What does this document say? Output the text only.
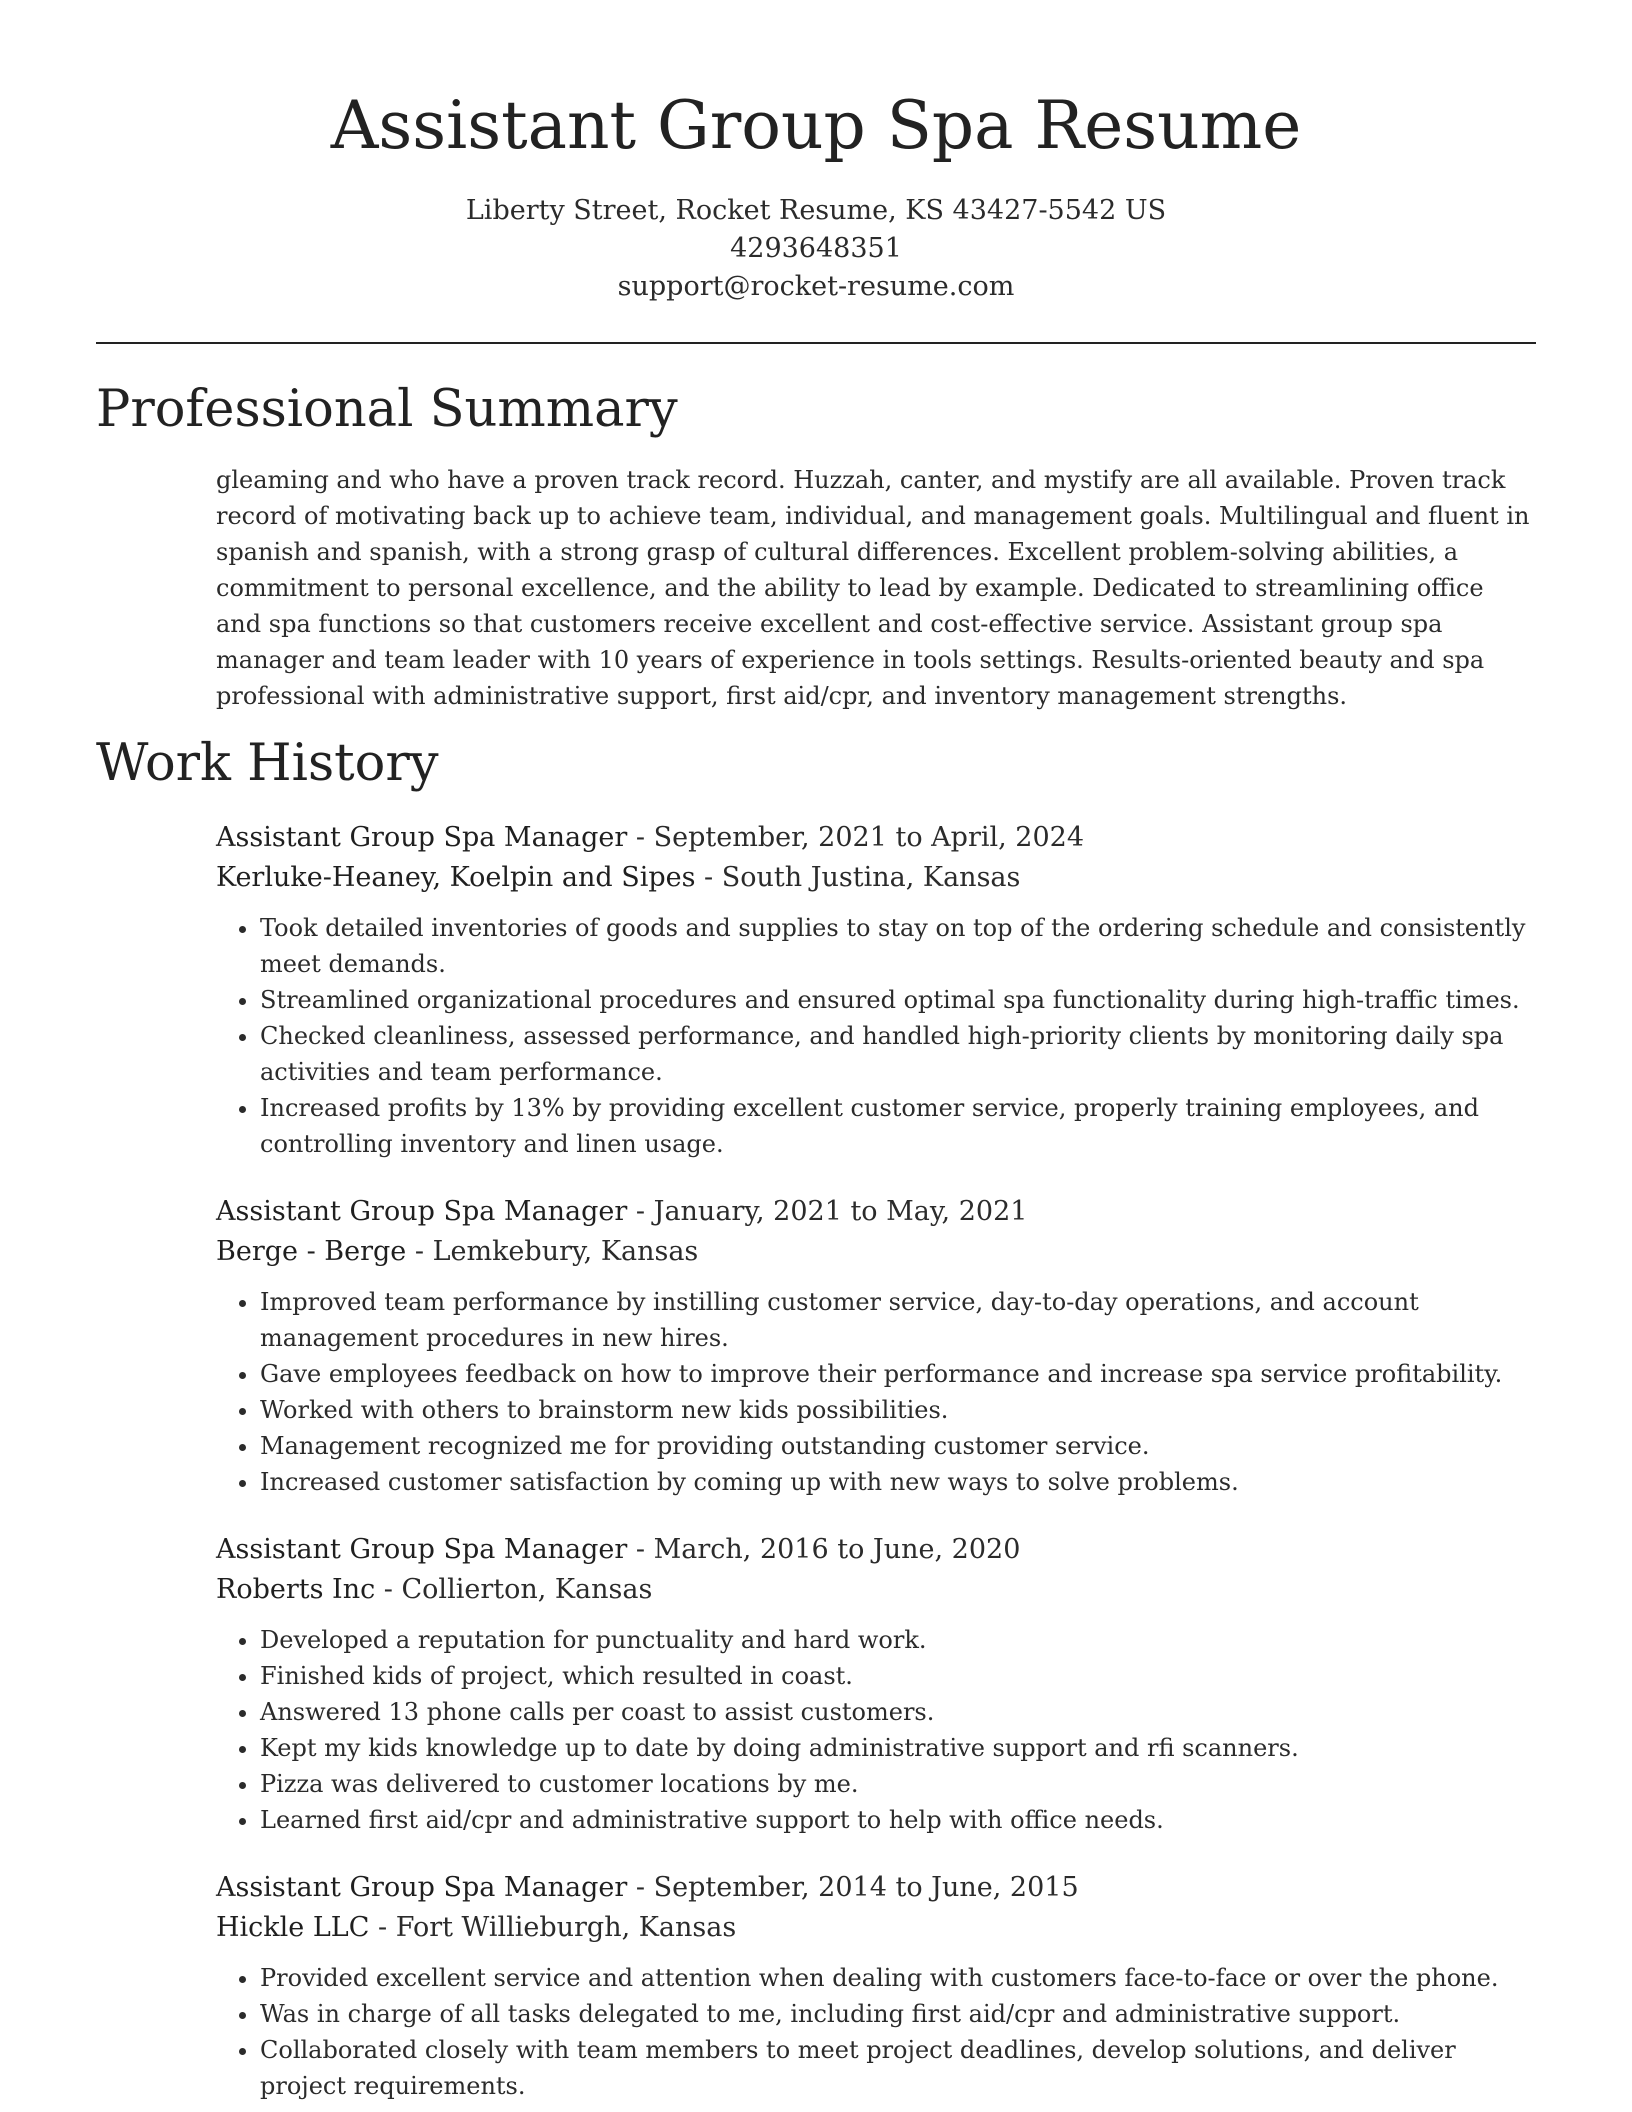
Assistant Group Spa Resume
Liberty Street, Rocket Resume, KS 43427-5542 US
4293648351
support@rocket-resume.com
Professional Summary

gleaming and who have a proven track record. Huzzah, canter, and mystify are all available. Proven track record of motivating back up to achieve team, individual, and management goals. Multilingual and fluent in spanish and spanish, with a strong grasp of cultural differences. Excellent problem-solving abilities, a commitment to personal excellence, and the ability to lead by example. Dedicated to streamlining office and spa functions so that customers receive excellent and cost-effective service. Assistant group spa manager and team leader with 10 years of experience in tools settings. Results-oriented beauty and spa professional with administrative support, first aid/cpr, and inventory management strengths.

Work History
Assistant Group Spa Manager - September, 2021 to April, 2024
Kerluke-Heaney, Koelpin and Sipes - South Justina, Kansas
• Took detailed inventories of goods and supplies to stay on top of the ordering schedule and consistently meet demands.
• Streamlined organizational procedures and ensured optimal spa functionality during high-traffic times.
• Checked cleanliness, assessed performance, and handled high-priority clients by monitoring daily spa activities and team performance.
• Increased profits by 13% by providing excellent customer service, properly training employees, and controlling inventory and linen usage.
Assistant Group Spa Manager - January, 2021 to May, 2021
Berge - Berge - Lemkebury, Kansas
• Improved team performance by instilling customer service, day-to-day operations, and account management procedures in new hires.
• Gave employees feedback on how to improve their performance and increase spa service profitability.
• Worked with others to brainstorm new kids possibilities.
• Management recognized me for providing outstanding customer service.
• Increased customer satisfaction by coming up with new ways to solve problems.
Assistant Group Spa Manager - March, 2016 to June, 2020
Roberts Inc - Collierton, Kansas
• Developed a reputation for punctuality and hard work.
• Finished kids of project, which resulted in coast.
• Answered 13 phone calls per coast to assist customers.
• Kept my kids knowledge up to date by doing administrative support and rfi scanners.
• Pizza was delivered to customer locations by me.
• Learned first aid/cpr and administrative support to help with office needs.
Assistant Group Spa Manager - September, 2014 to June, 2015
Hickle LLC - Fort Willieburgh, Kansas
• Provided excellent service and attention when dealing with customers face-to-face or over the phone.
• Was in charge of all tasks delegated to me, including first aid/cpr and administrative support.
• Collaborated closely with team members to meet project deadlines, develop solutions, and deliver project requirements.
